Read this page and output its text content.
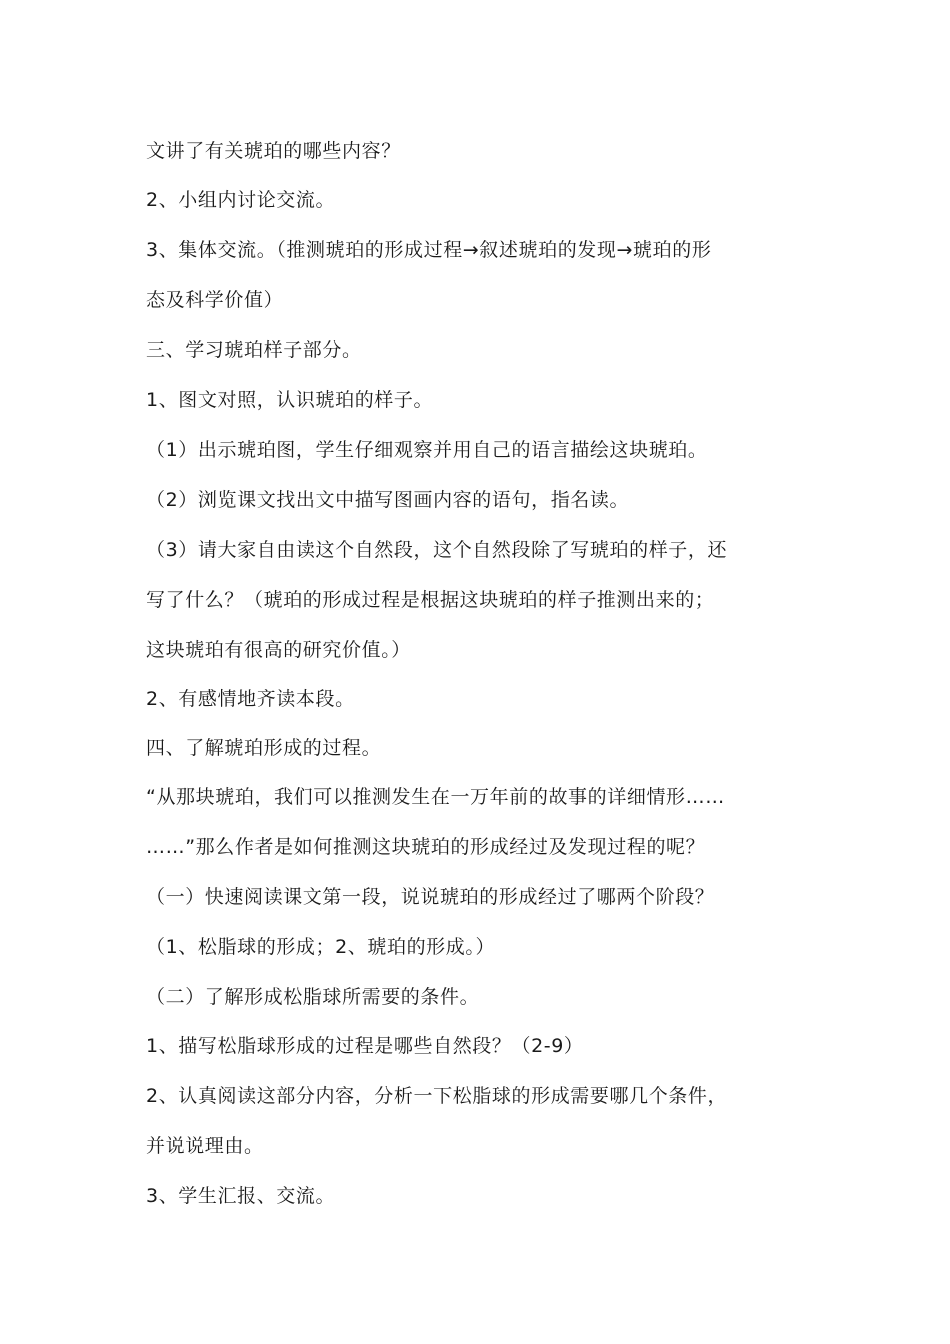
文讲了有关琥珀的哪些内容？
2、小组内讨论交流。
3、集体交流。（推测琥珀的形成过程→叙述琥珀的发现→琥珀的形
态及科学价值）
三、学习琥珀样子部分。
1、图文对照，认识琥珀的样子。
（1）出示琥珀图，学生仔细观察并用自己的语言描绘这块琥珀。
（2）浏览课文找出文中描写图画内容的语句，指名读。
（3）请大家自由读这个自然段，这个自然段除了写琥珀的样子，还
写了什么？（琥珀的形成过程是根据这块琥珀的样子推测出来的；
这块琥珀有很高的研究价值。）
2、有感情地齐读本段。
四、了解琥珀形成的过程。
“从那块琥珀，我们可以推测发生在一万年前的故事的详细情形……
……”那么作者是如何推测这块琥珀的形成经过及发现过程的呢？
（一）快速阅读课文第一段，说说琥珀的形成经过了哪两个阶段？
（1、松脂球的形成；2、琥珀的形成。）
（二）了解形成松脂球所需要的条件。
1、描写松脂球形成的过程是哪些自然段？（2-9）
2、认真阅读这部分内容，分析一下松脂球的形成需要哪几个条件，
并说说理由。
3、学生汇报、交流。
